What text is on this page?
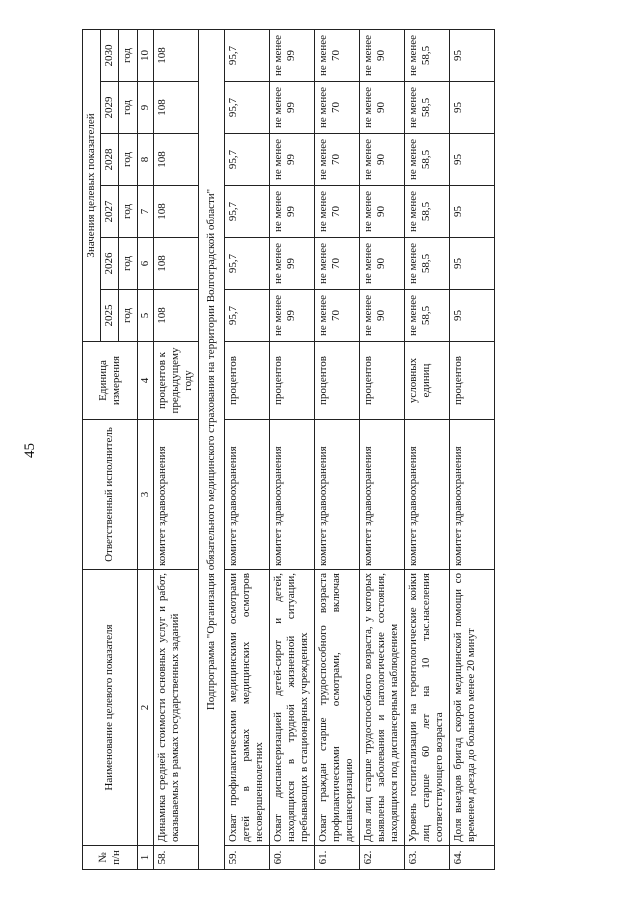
45
№ п/н	Наименование целевого показателя	Ответственный исполнитель	Единица измерения	Значения целевых показателей					
				2025	2026	2027	2028	2029	2030
				год	год	год	год	год	год
1	2	3	4	5	6	7	8	9	10
58.	Динамика средней стоимости основных услуг и работ, оказываемых в рамках государственных заданий	комитет здравоохранения	процентов к предыдущему году	108	108	108	108	108	108
Подпрограмма "Организация обязательного медицинского страхования на территории Волгоградской области"									
59.	Охват профилактическими медицинскими осмотрами детей в рамках медицинских осмотров несовершеннолетних	комитет здравоохранения	процентов	95,7	95,7	95,7	95,7	95,7	95,7
60.	Охват диспансеризацией детей-сирот и детей, находящихся в трудной жизненной ситуации, пребывающих в стационарных учреждениях	комитет здравоохранения	процентов	не менее 99	не менее 99	не менее 99	не менее 99	не менее 99	не менее 99
61.	Охват граждан старше трудоспособного возраста профилактическими осмотрами, включая диспансеризацию	комитет здравоохранения	процентов	не менее 70	не менее 70	не менее 70	не менее 70	не менее 70	не менее 70
62.	Доля лиц старше трудоспособного возраста, у которых выявлены заболевания и патологические состояния, находящихся под диспансерным наблюдением	комитет здравоохранения	процентов	не менее 90	не менее 90	не менее 90	не менее 90	не менее 90	не менее 90
63.	Уровень госпитализации на геронтологические койки лиц старше 60 лет на 10 тыс.населения соответствующего возраста	комитет здравоохранения	условных единиц	не менее 58,5	не менее 58,5	не менее 58,5	не менее 58,5	не менее 58,5	не менее 58,5
64.	Доля выездов бригад скорой медицинской помощи со временем доезда до больного менее 20 минут	комитет здравоохранения	процентов	95	95	95	95	95	95
